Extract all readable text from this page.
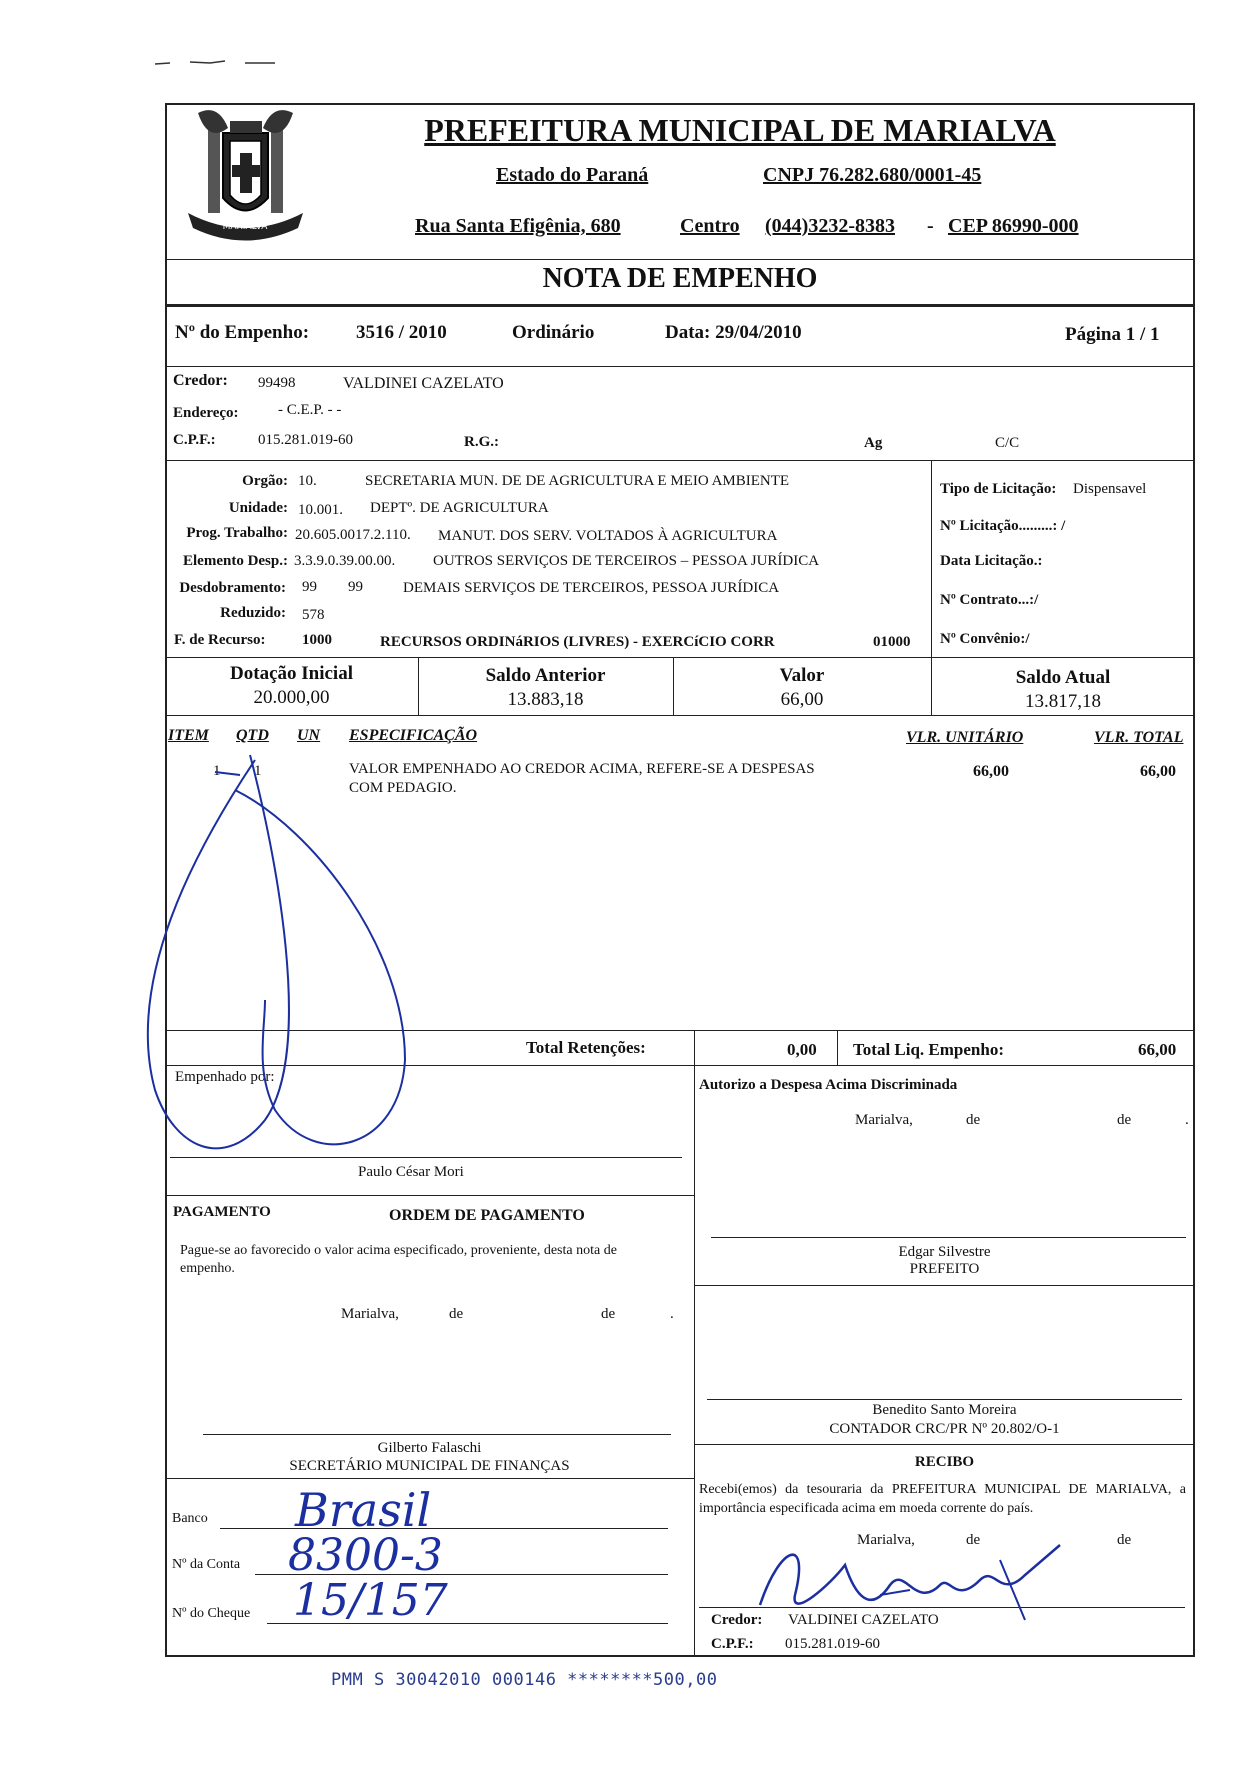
MARIALVA
PREFEITURA MUNICIPAL DE MARIALVA
Estado do Paraná	CNPJ 76.282.680/0001-45
Rua Santa Efigênia, 680	Centro (044)3232-8383 - CEP 86990-000
NOTA DE EMPENHO
Nº do Empenho: 3516 / 2010	Ordinário	Data: 29/04/2010	Página 1 / 1
Credor: 99498	VALDINEI CAZELATO
Endereço:	- C.E.P. - -
C.P.F.:	015.281.019-60	R.G.:	Ag	C/C
Orgão: 10.	SECRETARIA MUN. DE DE AGRICULTURA E MEIO AMBIENTE
Unidade: 10.001. DEPTº. DE AGRICULTURA
Prog. Trabalho: 20.605.0017.2.110. MANUT. DOS SERV. VOLTADOS À AGRICULTURA
Elemento Desp.: 3.3.9.0.39.00.00.	OUTROS SERVIÇOS DE TERCEIROS – PESSOA JURÍDICA
Desdobramento: 99 99	DEMAIS SERVIÇOS DE TERCEIROS, PESSOA JURÍDICA
Reduzido: 578
F. de Recurso: 1000	RECURSOS ORDINáRIOS (LIVRES) - EXERCíCIO CORR	01000
Tipo de Licitação: Dispensavel
Nº Licitação.........: /
Data Licitação.:
Nº Contrato...:/
Nº Convênio:/
Dotação Inicial
20.000,00
Saldo Anterior
13.883,18
Valor
66,00
Saldo Atual
13.817,18
ITEM QTD UN ESPECIFICAÇÃO	VLR. UNITÁRIO	VLR. TOTAL
1 1	VALOR EMPENHADO AO CREDOR ACIMA, REFERE-SE A DESPESAS
COM PEDAGIO.
66,00	66,00
Total Retenções:	0,00 Total Liq. Empenho:	66,00
Empenhado por:
Paulo César Mori
Autorizo a Despesa Acima Discriminada
Marialva,	de	de	.
PAGAMENTO	ORDEM DE PAGAMENTO
Pague-se ao favorecido o valor acima especificado, proveniente, desta nota de empenho.
Marialva,	de	de	.
Gilberto Falaschi
SECRETÁRIO MUNICIPAL DE FINANÇAS
Banco Brasil
Nº da Conta 8300-3
Nº do Cheque 15/157
Edgar Silvestre
PREFEITO
Benedito Santo Moreira
CONTADOR CRC/PR Nº 20.802/O-1
RECIBO
Recebi(emos) da tesouraria da PREFEITURA MUNICIPAL DE MARIALVA, a importância especificada acima em moeda corrente do país.
Marialva,	de	de
Credor: VALDINEI CAZELATO
C.P.F.: 015.281.019-60
PMM S 30042010 000146 ********500,00
